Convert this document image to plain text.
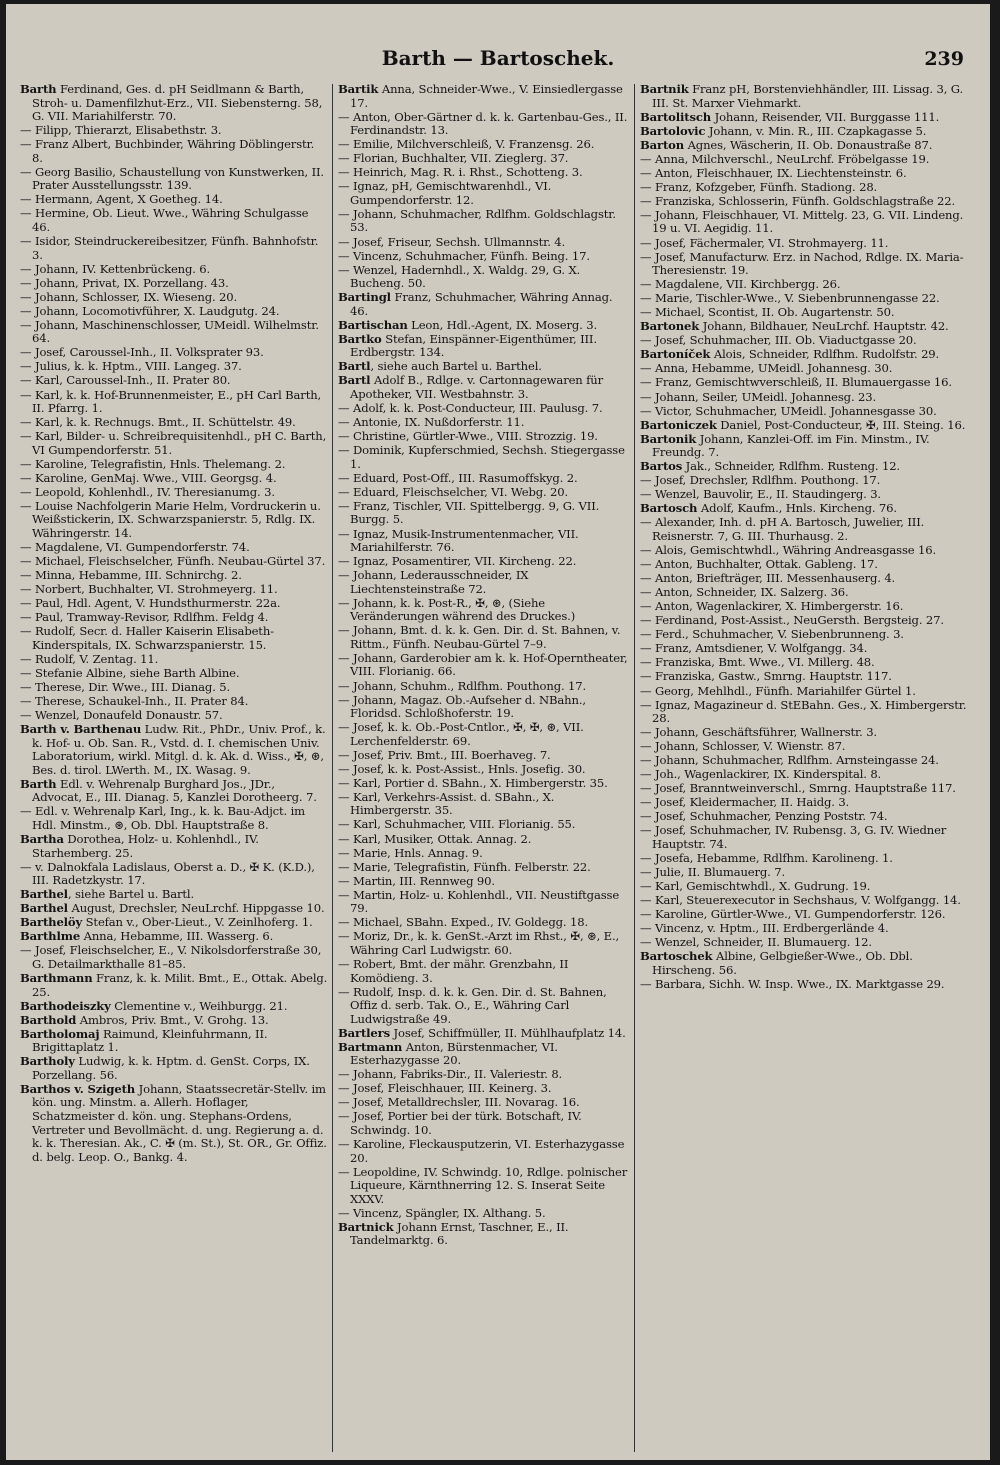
Barth — Bartoschek.	239
Barth Ferdinand, Ges. d. pH Seidlmann & Barth, Stroh- u. Damenfilzhut-Erz., VII. Siebensterng. 58, G. VII. Mariahilferstr. 70.
— Filipp, Thierarzt, Elisabethstr. 3.
— Franz Albert, Buchbinder, Währing Döblingerstr. 8.
— Georg Basilio, Schaustellung von Kunstwerken, II. Prater Ausstellungsstr. 139.
— Hermann, Agent, X Goetheg. 14.
— Hermine, Ob. Lieut. Wwe., Währing Schulgasse 46.
— Isidor, Steindruckereibesitzer, Fünfh. Bahnhofstr. 3.
— Johann, IV. Kettenbrückeng. 6.
— Johann, Privat, IX. Porzellang. 43.
— Johann, Schlosser, IX. Wieseng. 20.
— Johann, Locomotivführer, X. Laudgutg. 24.
— Johann, Maschinenschlosser, UMeidl. Wilhelmstr. 64.
— Josef, Caroussel-Inh., II. Volksprater 93.
— Julius, k. k. Hptm., VIII. Langeg. 37.
— Karl, Caroussel-Inh., II. Prater 80.
— Karl, k. k. Hof-Brunnenmeister, E., pH Carl Barth, II. Pfarrg. 1.
— Karl, k. k. Rechnugs. Bmt., II. Schüttelstr. 49.
— Karl, Bilder- u. Schreibrequisitenhdl., pH C. Barth, VI Gumpendorferstr. 51.
— Karoline, Telegrafistin, Hnls. Thelemang. 2.
— Karoline, GenMaj. Wwe., VIII. Georgsg. 4.
— Leopold, Kohlenhdl., IV. Theresianumg. 3.
— Louise Nachfolgerin Marie Helm, Vordruckerin u. Weißstickerin, IX. Schwarzspanierstr. 5, Rdlg. IX. Währingerstr. 14.
— Magdalene, VI. Gumpendorferstr. 74.
— Michael, Fleischselcher, Fünfh. Neubau-Gürtel 37.
— Minna, Hebamme, III. Schnirchg. 2.
— Norbert, Buchhalter, VI. Strohmeyerg. 11.
— Paul, Hdl. Agent, V. Hundsthurmerstr. 22a.
— Paul, Tramway-Revisor, Rdlfhm. Feldg 4.
— Rudolf, Secr. d. Haller Kaiserin Elisabeth-Kinderspitals, IX. Schwarzspanierstr. 15.
— Rudolf, V. Zentag. 11.
— Stefanie Albine, siehe Barth Albine.
— Therese, Dir. Wwe., III. Dianag. 5.
— Therese, Schaukel-Inh., II. Prater 84.
— Wenzel, Donaufeld Donaustr. 57.
Barth v. Barthenau Ludw. Rit., PhDr., Univ. Prof., k. k. Hof- u. Ob. San. R., Vstd. d. I. chemischen Univ. Laboratorium, wirkl. Mitgl. d. k. Ak. d. Wiss., ✠, ⊛, Bes. d. tirol. LWerth. M., IX. Wasag. 9.
Barth Edl. v. Wehrenalp Burghard Jos., JDr., Advocat, E., III. Dianag. 5, Kanzlei Dorotheerg. 7.
— Edl. v. Wehrenalp Karl, Ing., k. k. Bau-Adjct. im Hdl. Minstm., ⊛, Ob. Dbl. Hauptstraße 8.
Bartha Dorothea, Holz- u. Kohlenhdl., IV. Starhemberg. 25.
— v. Dalnokfala Ladislaus, Oberst a. D., ✠ K. (K.D.), III. Radetzkystr. 17.
Barthel, siehe Bartel u. Bartl.
Barthel August, Drechsler, NeuLrchf. Hippgasse 10.
Barthelöy Stefan v., Ober-Lieut., V. Zeinlhoferg. 1.
Barthlme Anna, Hebamme, III. Wasserg. 6.
— Josef, Fleischselcher, E., V. Nikolsdorferstraße 30, G. Detailmarkthalle 81–85.
Barthmann Franz, k. k. Milit. Bmt., E., Ottak. Abelg. 25.
Barthodeiszky Clementine v., Weihburgg. 21.
Barthold Ambros, Priv. Bmt., V. Grohg. 13.
Bartholomaj Raimund, Kleinfuhrmann, II. Brigittaplatz 1.
Bartholy Ludwig, k. k. Hptm. d. GenSt. Corps, IX. Porzellang. 56.
Barthos v. Szigeth Johann, Staatssecretär-Stellv. im kön. ung. Minstm. a. Allerh. Hoflager, Schatzmeister d. kön. ung. Stephans-Ordens, Vertreter und Bevollmächt. d. ung. Regierung a. d. k. k. Theresian. Ak., C. ✠ (m. St.), St. OR., Gr. Offiz. d. belg. Leop. O., Bankg. 4.
Bartik Anna, Schneider-Wwe., V. Einsiedlergasse 17.
— Anton, Ober-Gärtner d. k. k. Gartenbau-Ges., II. Ferdinandstr. 13.
— Emilie, Milchverschleiß, V. Franzensg. 26.
— Florian, Buchhalter, VII. Zieglerg. 37.
— Heinrich, Mag. R. i. Rhst., Schotteng. 3.
— Ignaz, pH, Gemischtwarenhdl., VI. Gumpendorferstr. 12.
— Johann, Schuhmacher, Rdlfhm. Goldschlagstr. 53.
— Josef, Friseur, Sechsh. Ullmannstr. 4.
— Vincenz, Schuhmacher, Fünfh. Being. 17.
— Wenzel, Hadernhdl., X. Waldg. 29, G. X. Bucheng. 50.
Bartingl Franz, Schuhmacher, Währing Annag. 46.
Bartischan Leon, Hdl.-Agent, IX. Moserg. 3.
Bartko Stefan, Einspänner-Eigenthümer, III. Erdbergstr. 134.
Bartl, siehe auch Bartel u. Barthel.
Bartl Adolf B., Rdlge. v. Cartonnagewaren für Apotheker, VII. Westbahnstr. 3.
— Adolf, k. k. Post-Conducteur, III. Paulusg. 7.
— Antonie, IX. Nußdorferstr. 11.
— Christine, Gürtler-Wwe., VIII. Strozzig. 19.
— Dominik, Kupferschmied, Sechsh. Stiegergasse 1.
— Eduard, Post-Off., III. Rasumoffskyg. 2.
— Eduard, Fleischselcher, VI. Webg. 20.
— Franz, Tischler, VII. Spittelbergg. 9, G. VII. Burgg. 5.
— Ignaz, Musik-Instrumentenmacher, VII. Mariahilferstr. 76.
— Ignaz, Posamentirer, VII. Kircheng. 22.
— Johann, Lederausschneider, IX Liechtensteinstraße 72.
— Johann, k. k. Post-R., ✠, ⊛, (Siehe Veränderungen während des Druckes.)
— Johann, Bmt. d. k. k. Gen. Dir. d. St. Bahnen, v. Rittm., Fünfh. Neubau-Gürtel 7–9.
— Johann, Garderobier am k. k. Hof-Operntheater, VIII. Florianig. 66.
— Johann, Schuhm., Rdlfhm. Pouthong. 17.
— Johann, Magaz. Ob.-Aufseher d. NBahn., Floridsd. Schloßhoferstr. 19.
— Josef, k. k. Ob.-Post-Cntlor., ✠, ✠, ⊛, VII. Lerchenfelderstr. 69.
— Josef, Priv. Bmt., III. Boerhaveg. 7.
— Josef, k. k. Post-Assist., Hnls. Josefig. 30.
— Karl, Portier d. SBahn., X. Himbergerstr. 35.
— Karl, Verkehrs-Assist. d. SBahn., X. Himbergerstr. 35.
— Karl, Schuhmacher, VIII. Florianig. 55.
— Karl, Musiker, Ottak. Annag. 2.
— Marie, Hnls. Annag. 9.
— Marie, Telegrafistin, Fünfh. Felberstr. 22.
— Martin, III. Rennweg 90.
— Martin, Holz- u. Kohlenhdl., VII. Neustiftgasse 79.
— Michael, SBahn. Exped., IV. Goldegg. 18.
— Moriz, Dr., k. k. GenSt.-Arzt im Rhst., ✠, ⊛, E., Währing Carl Ludwigstr. 60.
— Robert, Bmt. der mähr. Grenzbahn, II Komödieng. 3.
— Rudolf, Insp. d. k. k. Gen. Dir. d. St. Bahnen, Offiz d. serb. Tak. O., E., Währing Carl Ludwigstraße 49.
Bartlers Josef, Schiffmüller, II. Mühlhaufplatz 14.
Bartmann Anton, Bürstenmacher, VI. Esterhazygasse 20.
— Johann, Fabriks-Dir., II. Valeriestr. 8.
— Josef, Fleischhauer, III. Keinerg. 3.
— Josef, Metalldrechsler, III. Novarag. 16.
— Josef, Portier bei der türk. Botschaft, IV. Schwindg. 10.
— Karoline, Fleckausputzerin, VI. Esterhazygasse 20.
— Leopoldine, IV. Schwindg. 10, Rdlge. polnischer Liqueure, Kärnthnerring 12. S. Inserat Seite XXXV.
— Vincenz, Spängler, IX. Althang. 5.
Bartnick Johann Ernst, Taschner, E., II. Tandelmarktg. 6.
Bartnik Franz pH, Borstenviehhändler, III. Lissag. 3, G. III. St. Marxer Viehmarkt.
Bartolitsch Johann, Reisender, VII. Burggasse 111.
Bartolovic Johann, v. Min. R., III. Czapkagasse 5.
Barton Agnes, Wäscherin, II. Ob. Donaustraße 87.
— Anna, Milchverschl., NeuLrchf. Fröbelgasse 19.
— Anton, Fleischhauer, IX. Liechtensteinstr. 6.
— Franz, Kofzgeber, Fünfh. Stadiong. 28.
— Franziska, Schlosserin, Fünfh. Goldschlagstraße 22.
— Johann, Fleischhauer, VI. Mittelg. 23, G. VII. Lindeng. 19 u. VI. Aegidig. 11.
— Josef, Fächermaler, VI. Strohmayerg. 11.
— Josef, Manufacturw. Erz. in Nachod, Rdlge. IX. Maria-Theresienstr. 19.
— Magdalene, VII. Kirchbergg. 26.
— Marie, Tischler-Wwe., V. Siebenbrunnengasse 22.
— Michael, Scontist, II. Ob. Augartenstr. 50.
Bartonek Johann, Bildhauer, NeuLrchf. Hauptstr. 42.
— Josef, Schuhmacher, III. Ob. Viaductgasse 20.
Bartoníček Alois, Schneider, Rdlfhm. Rudolfstr. 29.
— Anna, Hebamme, UMeidl. Johannesg. 30.
— Franz, Gemischtwverschleiß, II. Blumauergasse 16.
— Johann, Seiler, UMeidl. Johannesg. 23.
— Victor, Schuhmacher, UMeidl. Johannesgasse 30.
Bartoniczek Daniel, Post-Conducteur, ✠, III. Steing. 16.
Bartonik Johann, Kanzlei-Off. im Fin. Minstm., IV. Freundg. 7.
Bartos Jak., Schneider, Rdlfhm. Rusteng. 12.
— Josef, Drechsler, Rdlfhm. Pouthong. 17.
— Wenzel, Bauvolir, E., II. Staudingerg. 3.
Bartosch Adolf, Kaufm., Hnls. Kircheng. 76.
— Alexander, Inh. d. pH A. Bartosch, Juwelier, III. Reisnerstr. 7, G. III. Thurhausg. 2.
— Alois, Gemischtwhdl., Währing Andreasgasse 16.
— Anton, Buchhalter, Ottak. Gableng. 17.
— Anton, Briefträger, III. Messenhauserg. 4.
— Anton, Schneider, IX. Salzerg. 36.
— Anton, Wagenlackirer, X. Himbergerstr. 16.
— Ferdinand, Post-Assist., NeuGersth. Bergsteig. 27.
— Ferd., Schuhmacher, V. Siebenbrunneng. 3.
— Franz, Amtsdiener, V. Wolfgangg. 34.
— Franziska, Bmt. Wwe., VI. Millerg. 48.
— Franziska, Gastw., Smrng. Hauptstr. 117.
— Georg, Mehlhdl., Fünfh. Mariahilfer Gürtel 1.
— Ignaz, Magazineur d. StEBahn. Ges., X. Himbergerstr. 28.
— Johann, Geschäftsführer, Wallnerstr. 3.
— Johann, Schlosser, V. Wienstr. 87.
— Johann, Schuhmacher, Rdlfhm. Arnsteingasse 24.
— Joh., Wagenlackirer, IX. Kinderspital. 8.
— Josef, Branntweinverschl., Smrng. Hauptstraße 117.
— Josef, Kleidermacher, II. Haidg. 3.
— Josef, Schuhmacher, Penzing Poststr. 74.
— Josef, Schuhmacher, IV. Rubensg. 3, G. IV. Wiedner Hauptstr. 74.
— Josefa, Hebamme, Rdlfhm. Karolineng. 1.
— Julie, II. Blumauerg. 7.
— Karl, Gemischtwhdl., X. Gudrung. 19.
— Karl, Steuerexecutor in Sechshaus, V. Wolfgangg. 14.
— Karoline, Gürtler-Wwe., VI. Gumpendorferstr. 126.
— Vincenz, v. Hptm., III. Erdbergerlände 4.
— Wenzel, Schneider, II. Blumauerg. 12.
Bartoschek Albine, Gelbgießer-Wwe., Ob. Dbl. Hirscheng. 56.
— Barbara, Sichh. W. Insp. Wwe., IX. Marktgasse 29.
